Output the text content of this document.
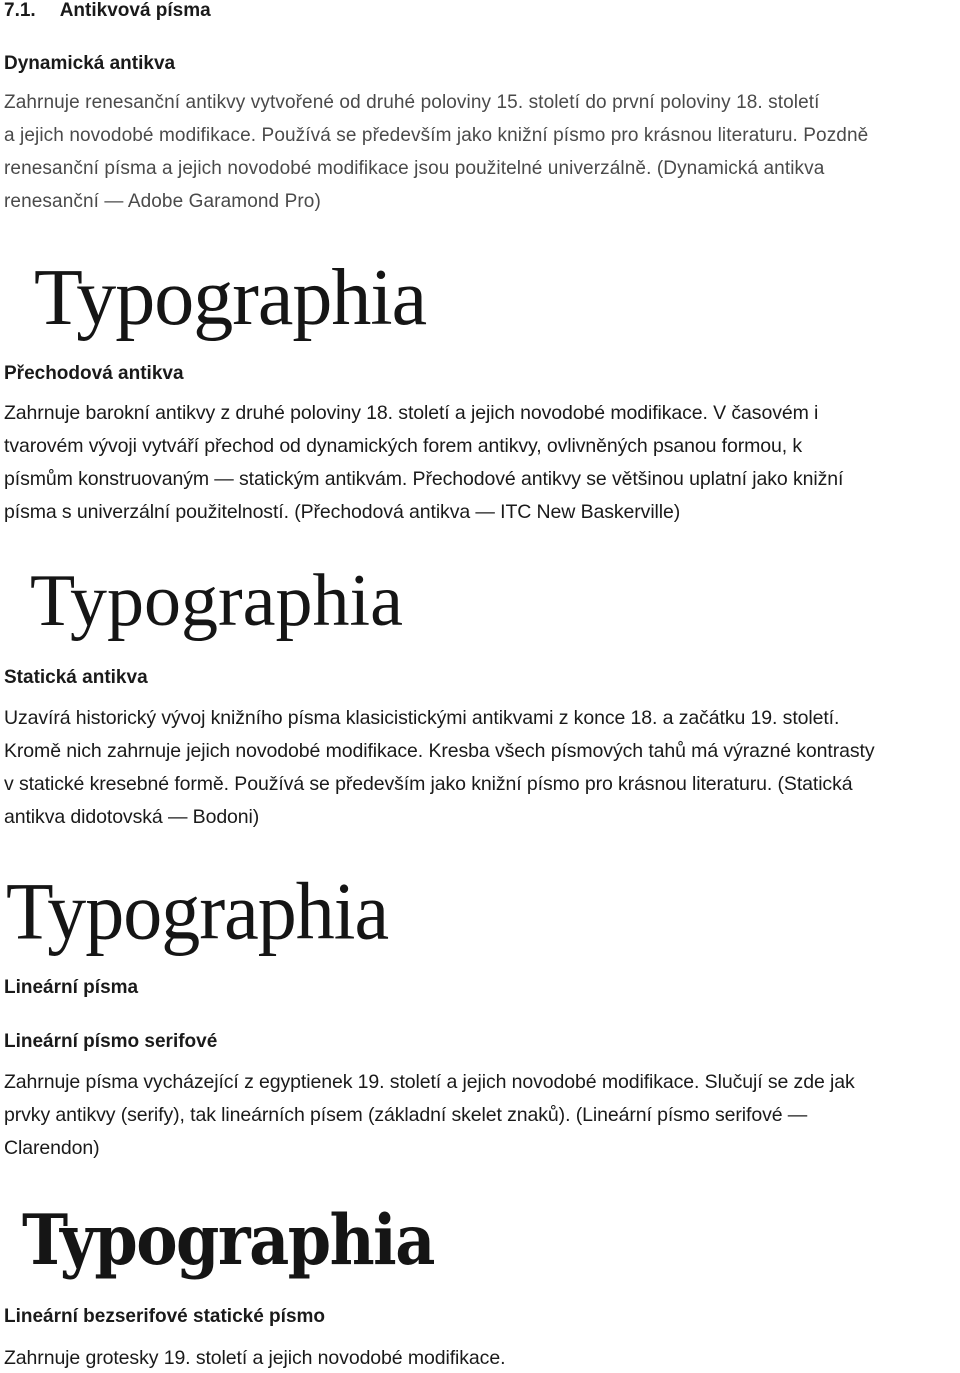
7.1. Antikvová písma
Dynamická antikva
Zahrnuje renesanční antikvy vytvořené od druhé poloviny 15. století do první poloviny 18. století
a jejich novodobé modifikace. Používá se především jako knižní písmo pro krásnou literaturu. Pozdně
renesanční písma a jejich novodobé modifikace jsou použitelné univerzálně. (Dynamická antikva
renesanční — Adobe Garamond Pro)
Typographia
Přechodová antikva
Zahrnuje barokní antikvy z druhé poloviny 18. století a jejich novodobé modifikace. V časovém i
tvarovém vývoji vytváří přechod od dynamických forem antikvy, ovlivněných psanou formou, k
písmům konstruovaným — statickým antikvám. Přechodové antikvy se většinou uplatní jako knižní
písma s univerzální použitelností. (Přechodová antikva — ITC New Baskerville)
Typographia
Statická antikva
Uzavírá historický vývoj knižního písma klasicistickými antikvami z konce 18. a začátku 19. století.
Kromě nich zahrnuje jejich novodobé modifikace. Kresba všech písmových tahů má výrazné kontrasty
v statické kresebné formě. Používá se především jako knižní písmo pro krásnou literaturu. (Statická
antikva didotovská — Bodoni)
Typographia
Lineární písma
Lineární písmo serifové
Zahrnuje písma vycházející z egyptienek 19. století a jejich novodobé modifikace. Slučují se zde jak
prvky antikvy (serify), tak lineárních písem (základní skelet znaků). (Lineární písmo serifové —
Clarendon)
Typographia
Lineární bezserifové statické písmo
Zahrnuje grotesky 19. století a jejich novodobé modifikace.
